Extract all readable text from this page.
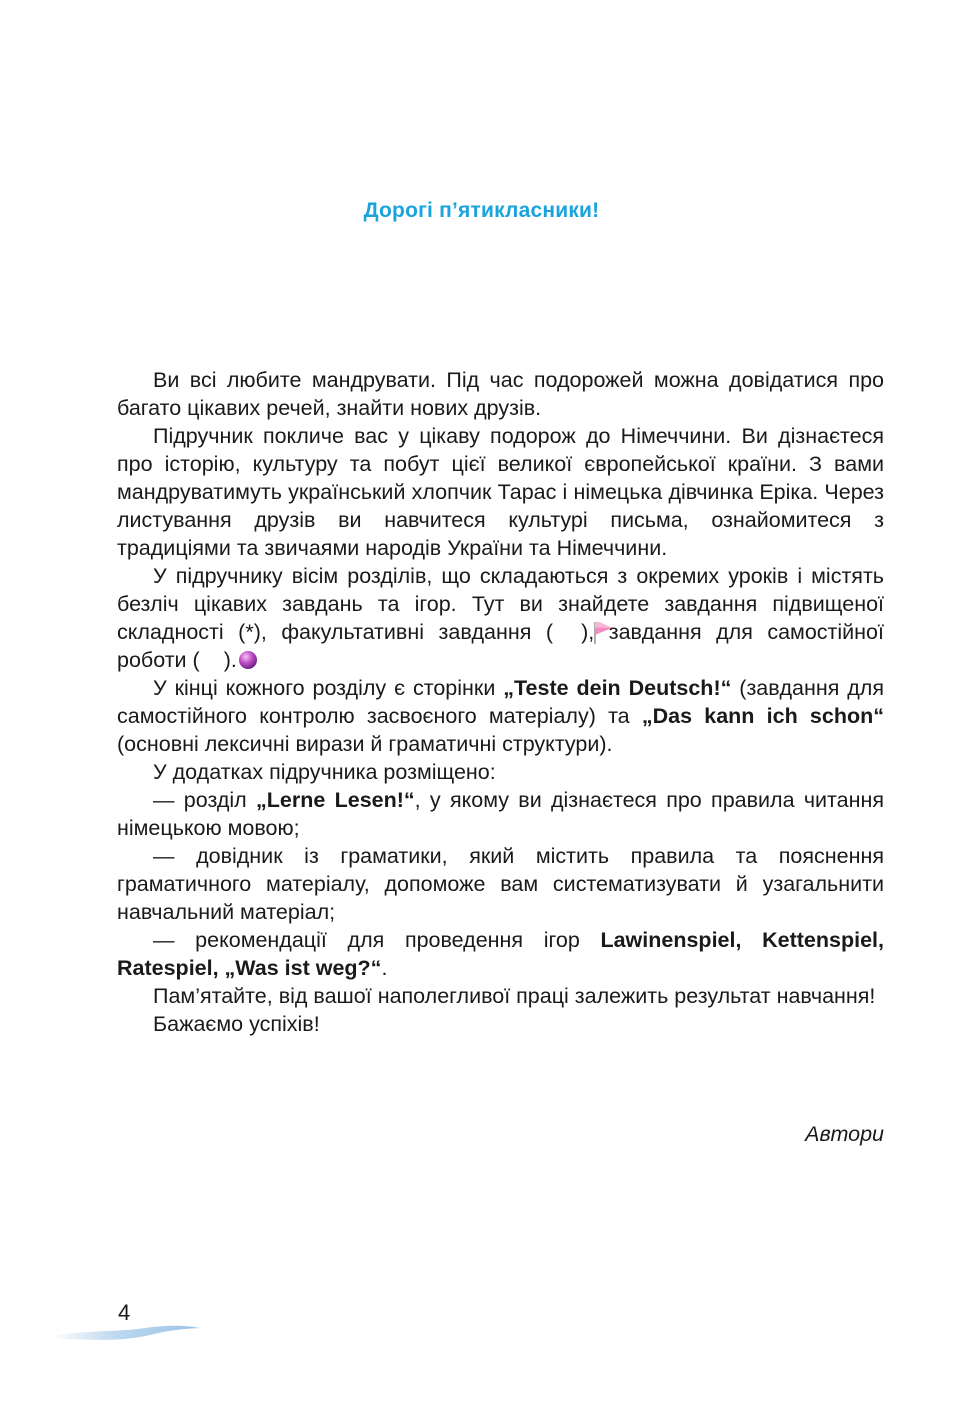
Дорогі п’ятикласники!

Ви всі любите мандрувати. Під час подорожей можна довідатися про багато цікавих речей, знайти нових друзів.

Підручник покличе вас у цікаву подорож до Німеччини. Ви дізнаєтеся про історію, культуру та побут цієї великої європейської країни. З вами мандруватимуть український хлопчик Тарас і німецька дівчинка Еріка. Через листування друзів ви навчитеся культурі письма, ознайомитеся з традиціями та звичаями народів України та Німеччини.

У підручнику вісім розділів, що складаються з окремих уроків і містять безліч цікавих завдань та ігор. Тут ви знайдете завдання підвищеної складності (*), факультативні завдання ( ), завдання для самостійної роботи ( ).

У кінці кожного розділу є сторінки „Teste dein Deutsch!“ (завдання для самостійного контролю засвоєного матеріалу) та „Das kann ich schon“ (основні лексичні вирази й граматичні структури).

У додатках підручника розміщено:

— розділ „Lerne Lesen!“, у якому ви дізнаєтеся про правила читання німецькою мовою;

— довідник із граматики, який містить правила та пояснення граматичного матеріалу, допоможе вам систематизувати й узагальнити навчальний матеріал;

— рекомендації для проведення ігор Lawinenspiel, Kettenspiel, Ratespiel, „Was ist weg?“.

Пам’ятайте, від вашої наполегливої праці залежить результат навчання!

Бажаємо успіхів!

Автори
4
